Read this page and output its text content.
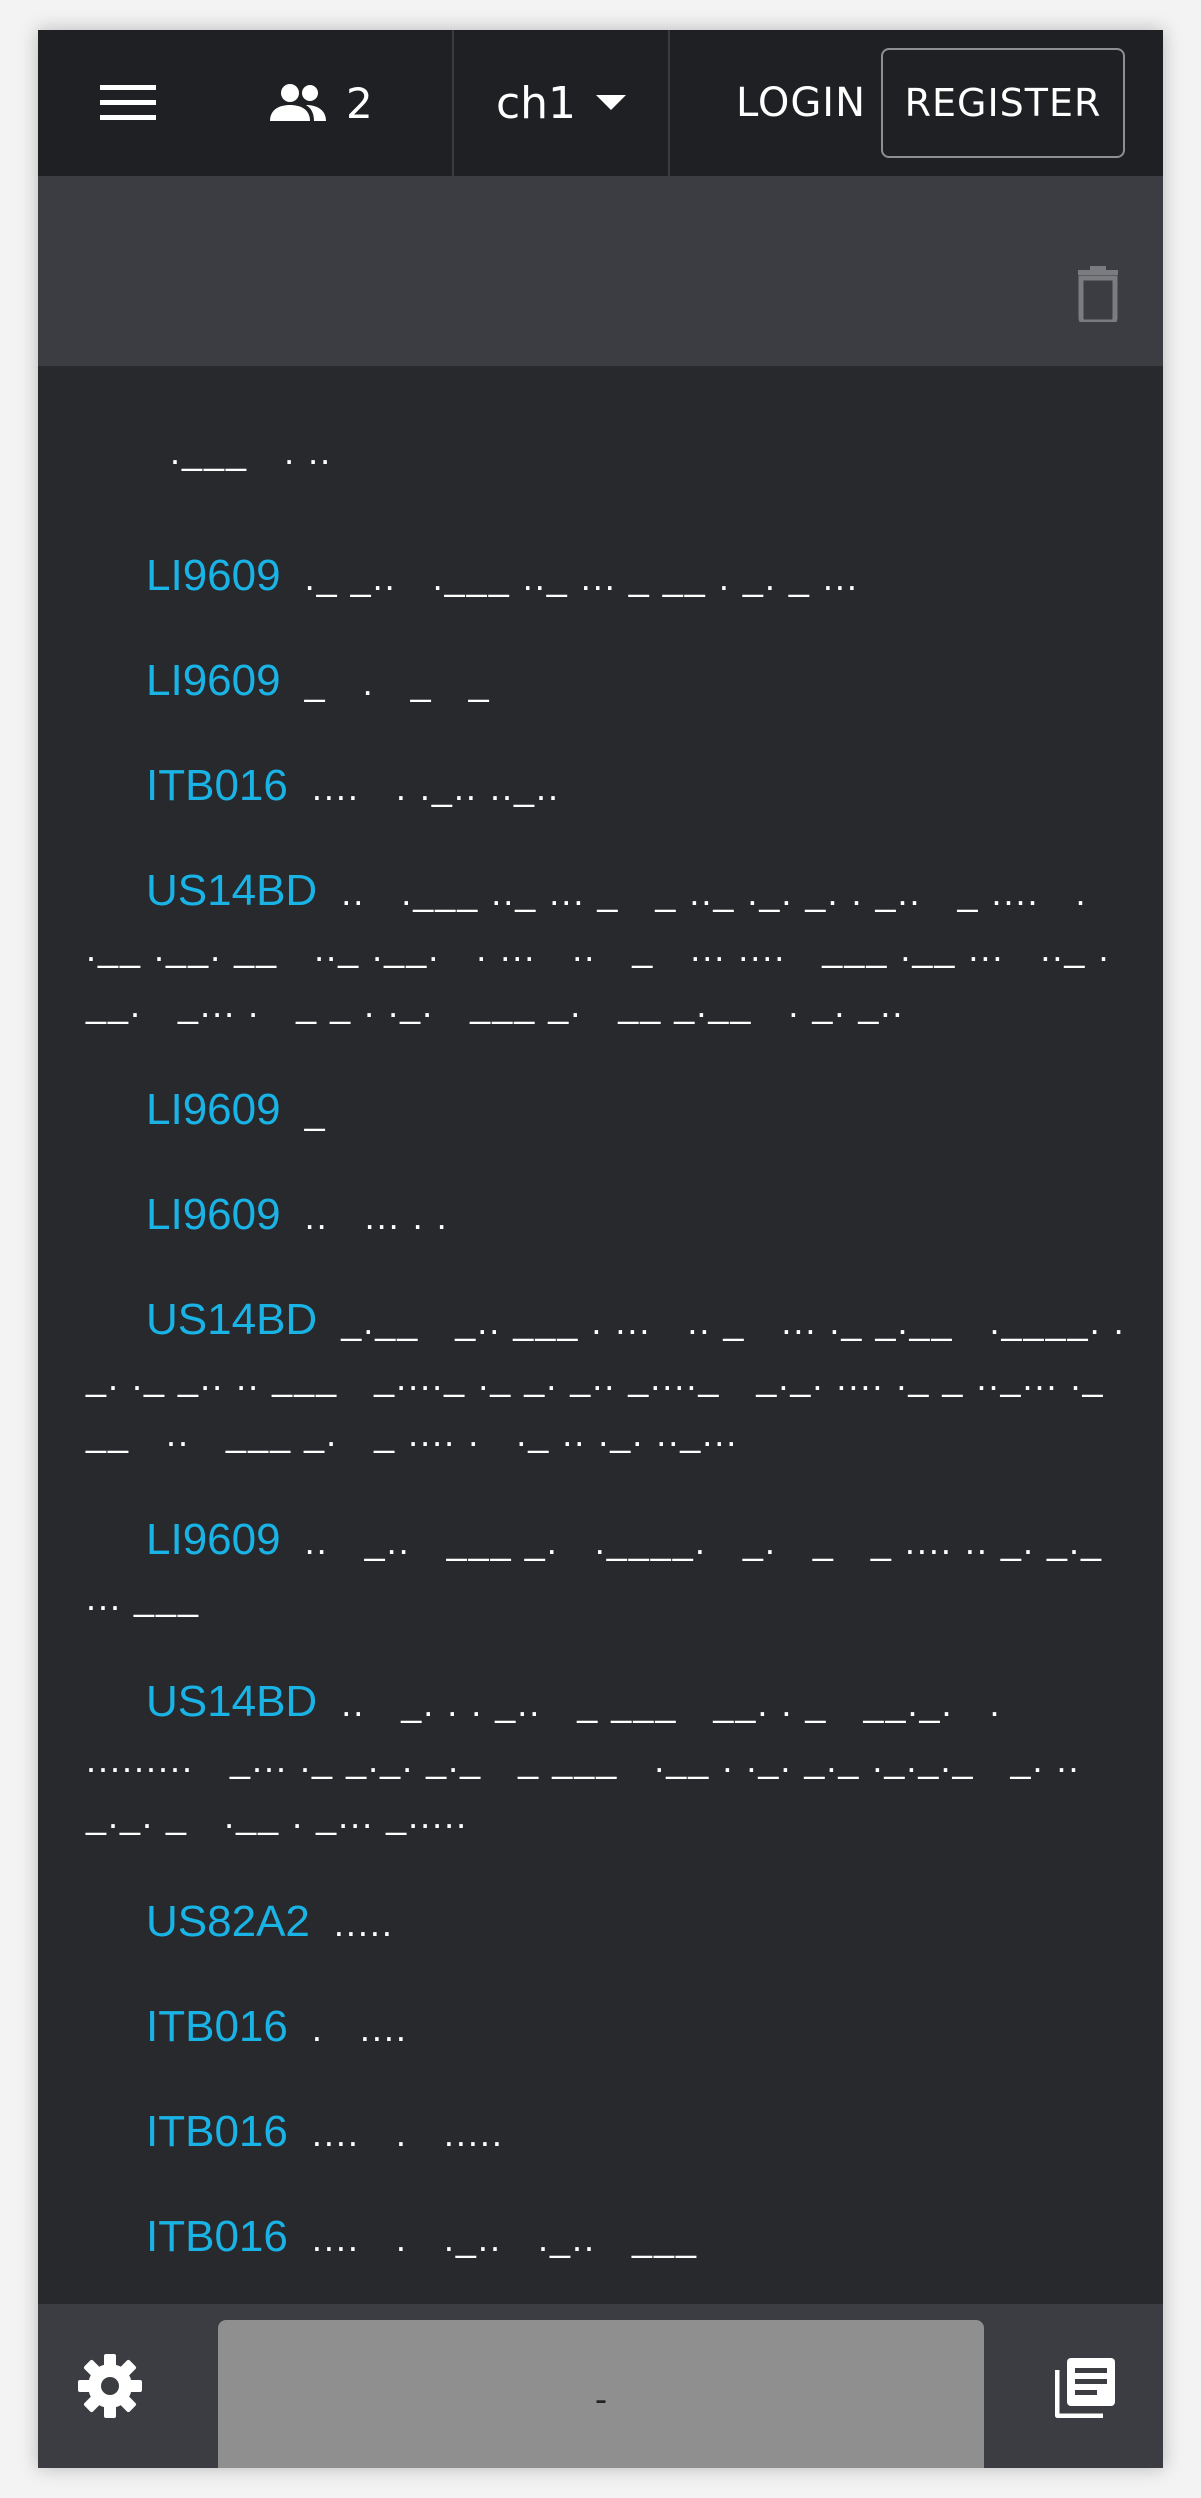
2	ch1	LOGIN	REGISTER

.___   . ..

LI9609 ._ _..   .___ .._ ... _ __ . _. _ ...

LI9609 _   .   _   _

ITB016 ....   . ._.. .._..

US14BD ..   .___ .._ ... _   _ .._ ._. _. . _..   _ ....   .   .__ .__. __   .._ .__.   . ...   ..   _   ... ....   ___ .__ ...   .._ .__.   _... .   _ _ . ._.   ___ _.   __ _.__   . _. _..

LI9609 _

LI9609 ..   ... . .

US14BD _.__   _.. ___ . ...   .. _   ... ._ _.__   .____. ._. ._ _.. .. ___   _...._ ._ _. _.. _...._   _._. .... ._ _ .._... ._ __   ..   ___ _.   _ .... .   ._ .. ._. .._...

LI9609 ..   _..   ___ _.   .____.   _.   _   _ .... .. _. _._ ... ___

US14BD ..   _. . . _..   _ ___   __. . _   __._.   .   .........   _... ._ _._. _._   _ ___   .__ . ._. _._ ._._._   _. .. _._. _   .__ . _... _.....

US82A2 .....

ITB016 .   ....

ITB016 ....   .   .....

ITB016 ....   .   ._..   ._..   ___

-
